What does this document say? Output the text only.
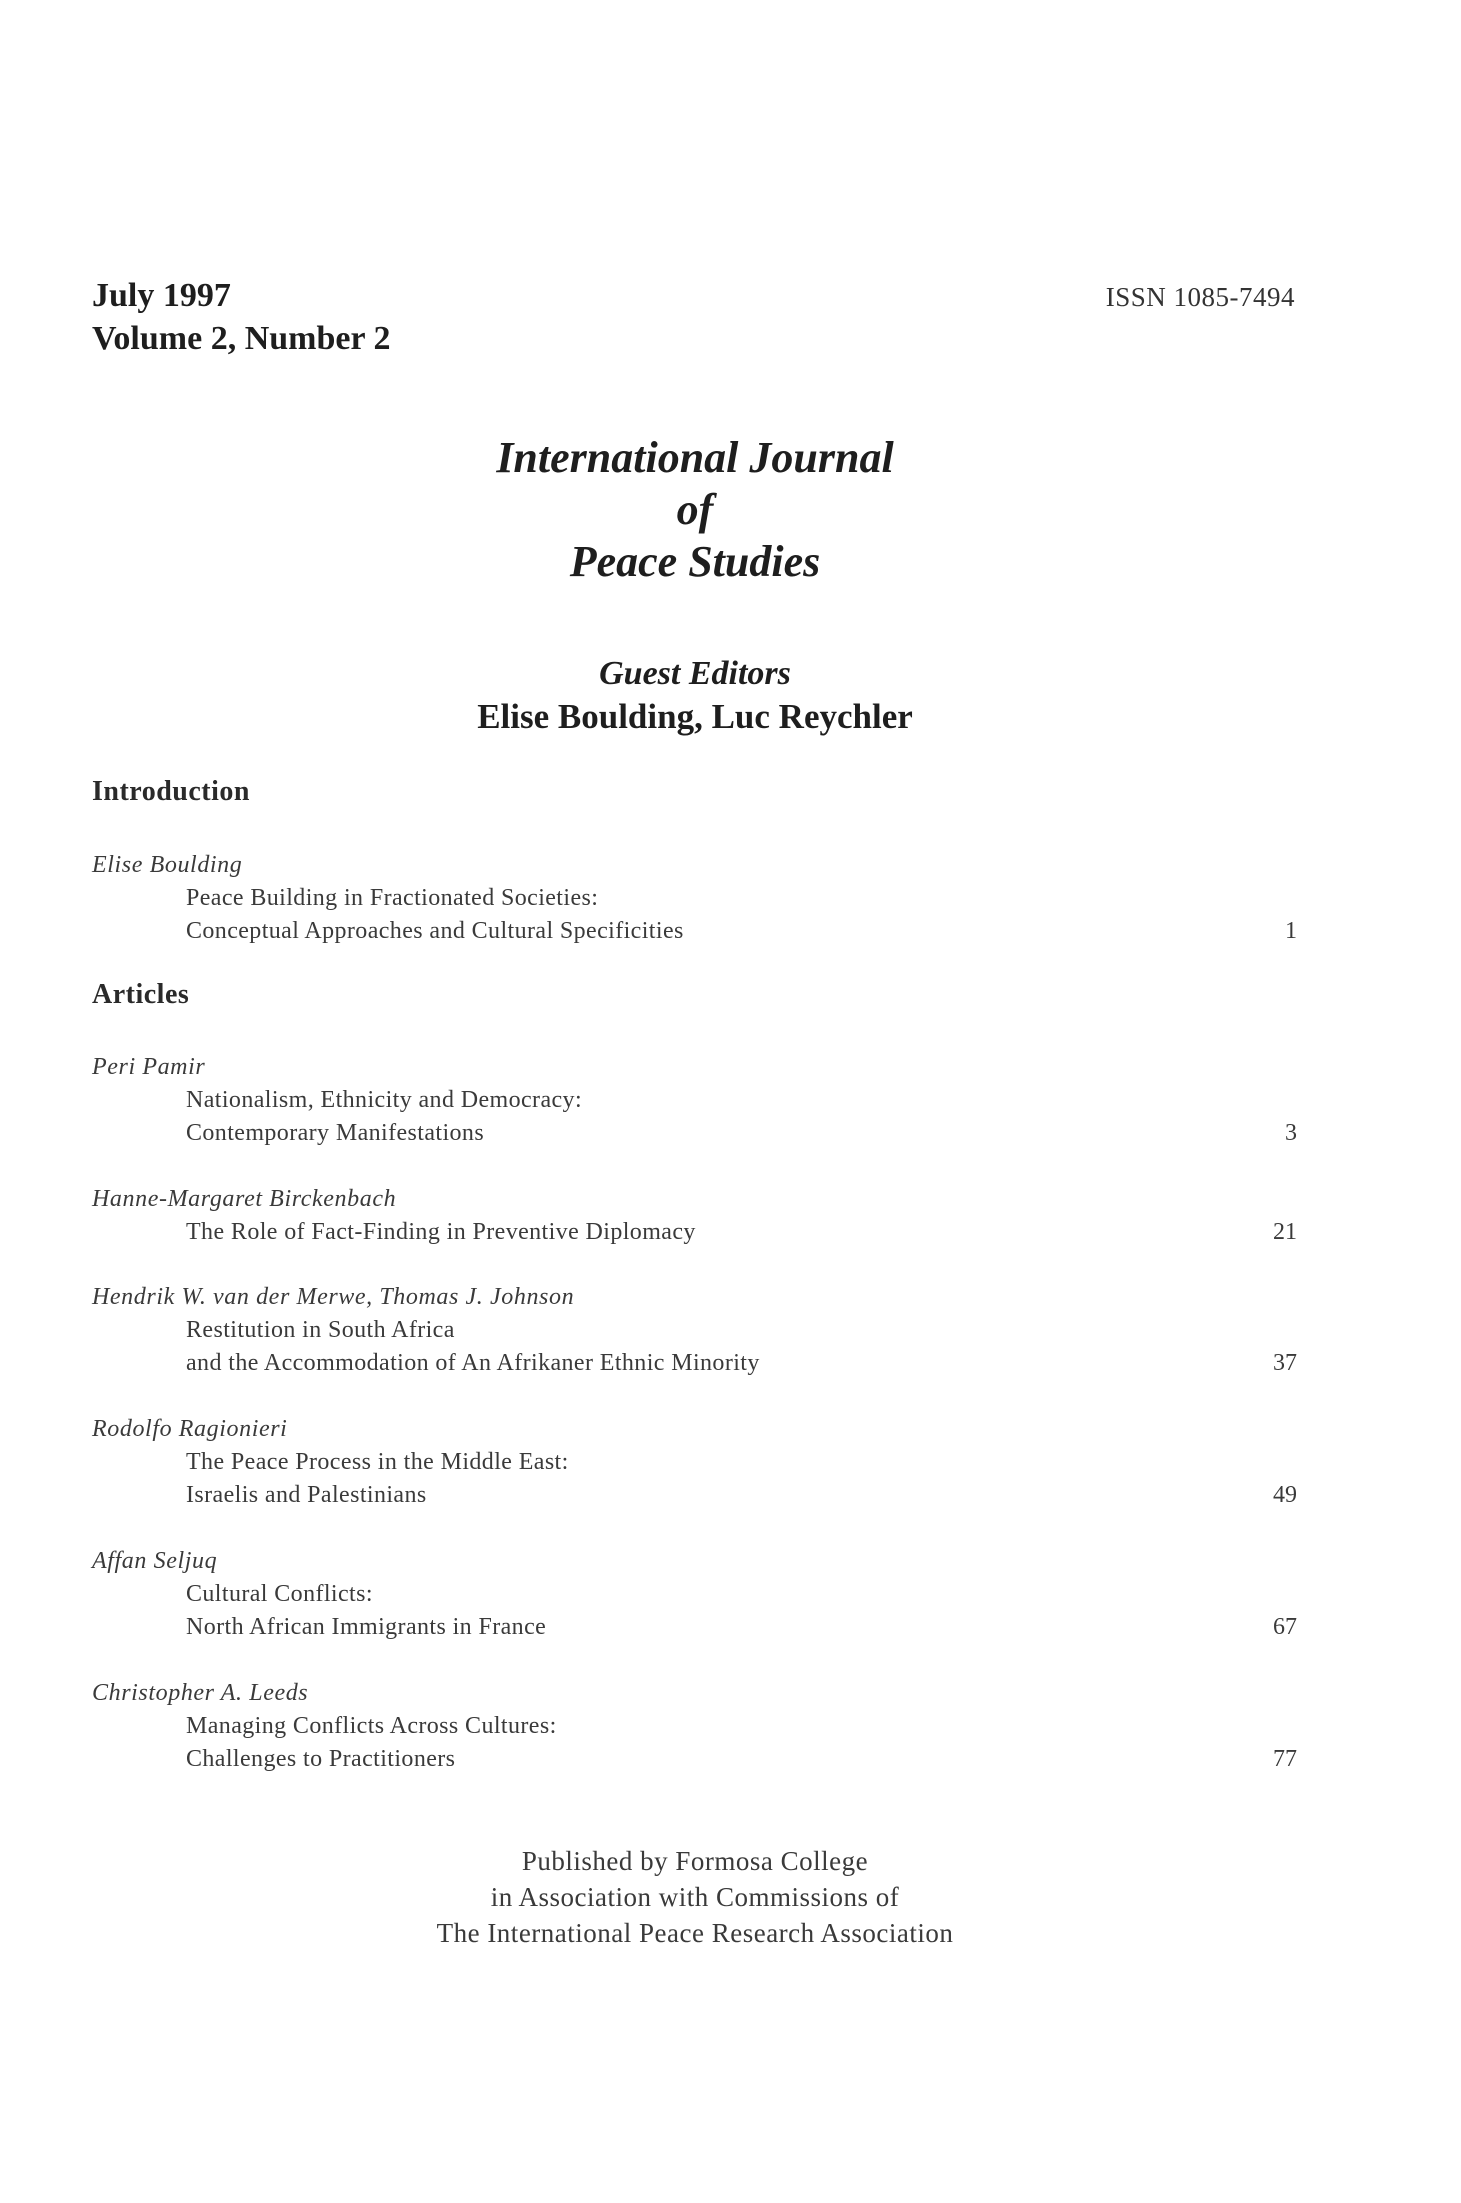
July 1997
Volume 2, Number 2
ISSN 1085-7494
International Journal
of
Peace Studies
Guest Editors
Elise Boulding, Luc Reychler
Introduction
Elise Boulding
Peace Building in Fractionated Societies:
Conceptual Approaches and Cultural Specificities	1
Articles
Peri Pamir
Nationalism, Ethnicity and Democracy:
Contemporary Manifestations	3
Hanne-Margaret Birckenbach
The Role of Fact-Finding in Preventive Diplomacy	21
Hendrik W. van der Merwe, Thomas J. Johnson
Restitution in South Africa
and the Accommodation of An Afrikaner Ethnic Minority	37
Rodolfo Ragionieri
The Peace Process in the Middle East:
Israelis and Palestinians	49
Affan Seljuq
Cultural Conflicts:
North African Immigrants in France	67
Christopher A. Leeds
Managing Conflicts Across Cultures:
Challenges to Practitioners	77
Published by Formosa College
in Association with Commissions of
The International Peace Research Association
